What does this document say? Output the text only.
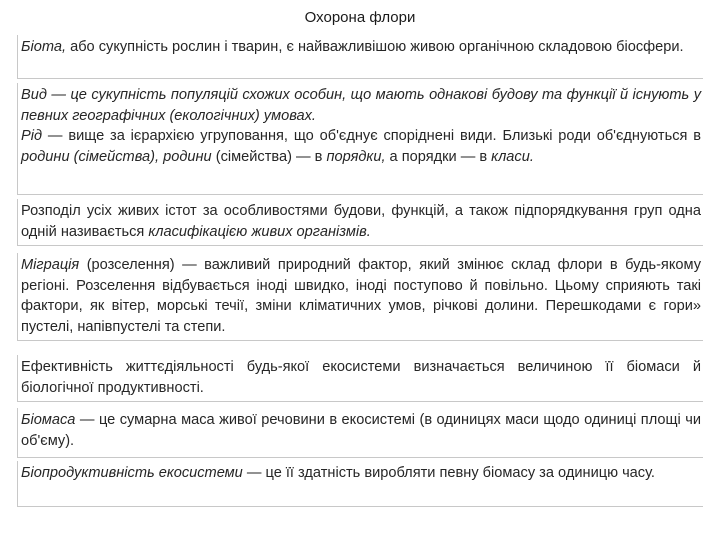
Охорона флори

Біота, або сукупність рослин і тварин, є найважливішою живою органічною складовою біосфери.

Вид — це сукупність популяцій схожих особин, що мають однакові будову та функції й існують у певних географічних (екологічних) умовах.

Рід — вище за ієрархією угруповання, що об'єднує споріднені види. Близькі роди об'єднуються в родини (сімейства), родини (сімейства) — в порядки, а порядки — в класи.

Розподіл усіх живих істот за особливостями будови, функцій, а також підпорядкування груп одна одній називається класифікацією живих організмів.

Міграція (розселення) — важливий природний фактор, який змінює склад флори в будь-якому регіоні. Розселення відбувається іноді швидко, іноді поступово й повільно. Цьому сприяють такі фактори, як вітер, морські течії, зміни кліматичних умов, річкові долини. Перешкодами є гори» пустелі, напівпустелі та степи.

Ефективність життєдіяльності будь-якої екосистеми визначається величиною її біомаси й біологічної продуктивності.

Біомаса — це сумарна маса живої речовини в екосистемі (в одиницях маси щодо одиниці площі чи об'єму).

Біопродуктивність екосистеми — це її здатність виробляти певну біомасу за одиницю часу.
